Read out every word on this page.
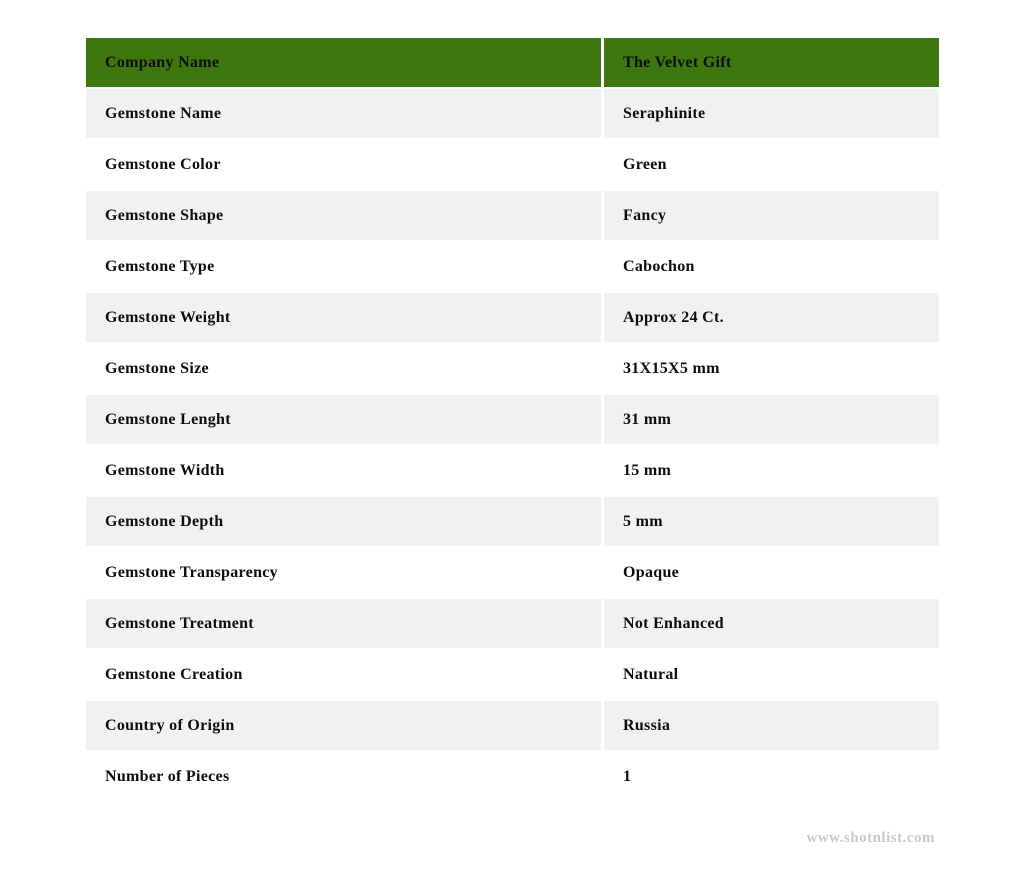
Company Name	The Velvet Gift
Gemstone Name	Seraphinite
Gemstone Color	Green
Gemstone Shape	Fancy
Gemstone Type	Cabochon
Gemstone Weight	Approx 24 Ct.
Gemstone Size	31X15X5 mm
Gemstone Lenght	31 mm
Gemstone Width	15 mm
Gemstone Depth	5 mm
Gemstone Transparency	Opaque
Gemstone Treatment	Not Enhanced
Gemstone Creation	Natural
Country of Origin	Russia
Number of Pieces	1
www.shotnlist.com
